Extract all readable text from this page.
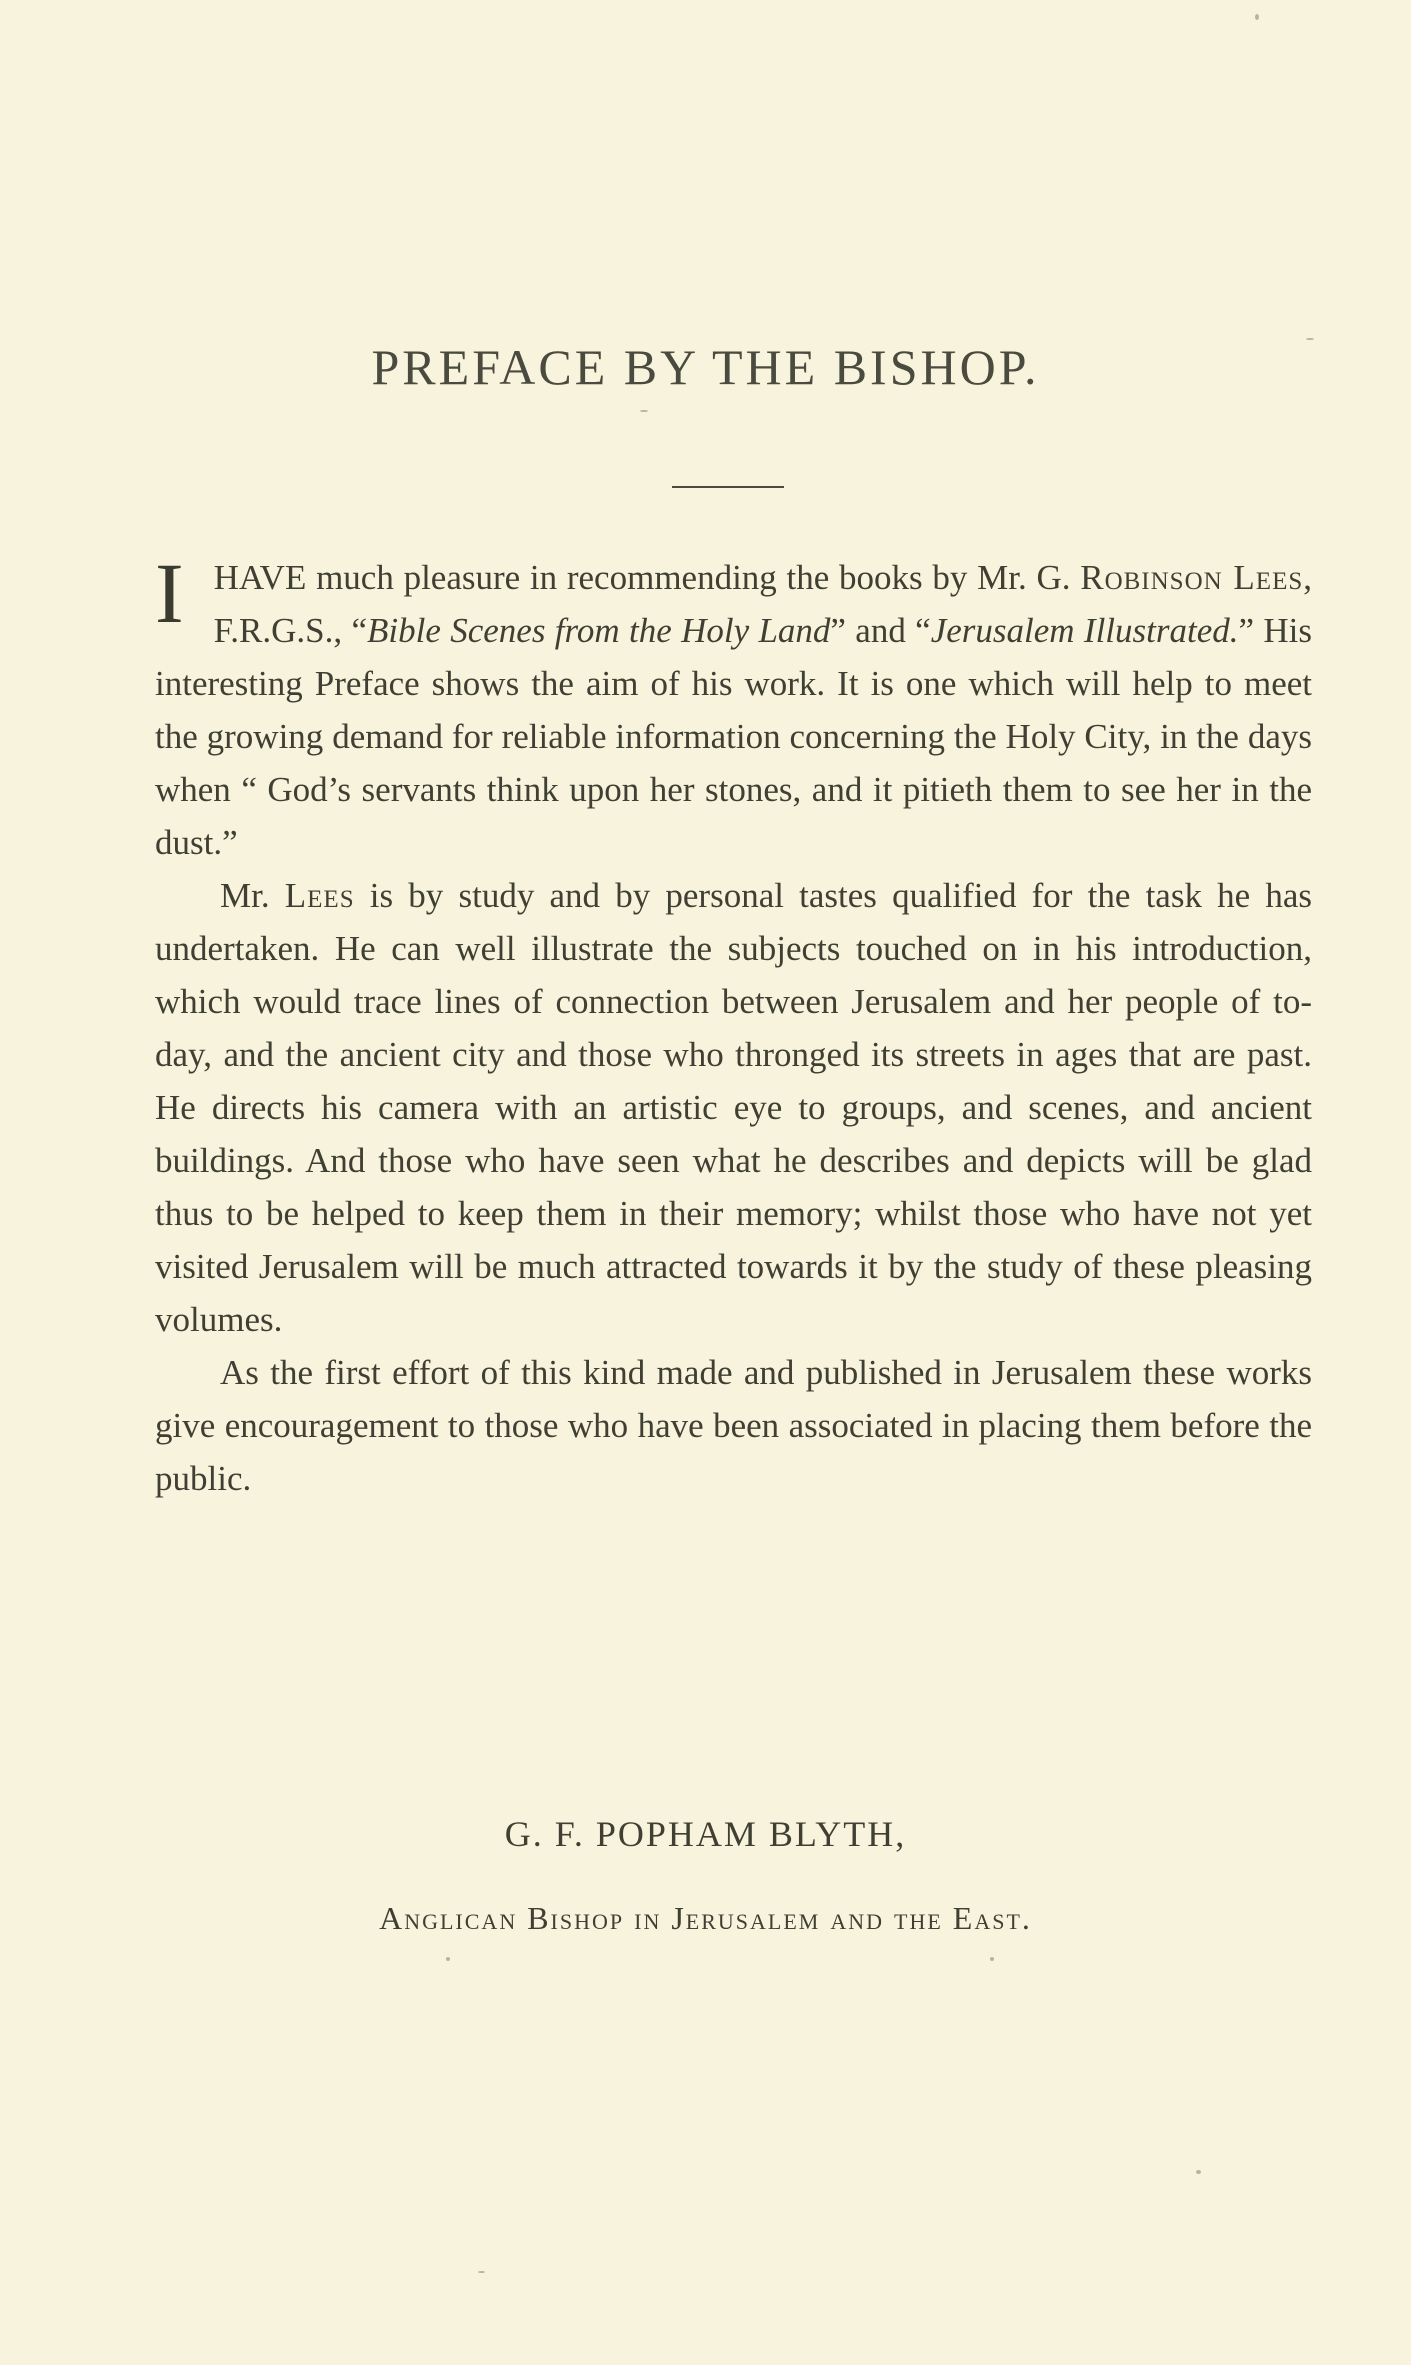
PREFACE BY THE BISHOP.

IHAVE much pleasure in recommending the books by Mr. G. Robinson Lees, F.R.G.S., “Bible Scenes from the Holy Land” and “Jerusalem Illustrated.” His interesting Preface shows the aim of his work. It is one which will help to meet the growing demand for reliable information concerning the Holy City, in the days when “ God’s servants think upon her stones, and it pitieth them to see her in the dust.”

Mr. Lees is by study and by personal tastes qualified for the task he has undertaken. He can well illustrate the subjects touched on in his introduction, which would trace lines of connection between Jerusalem and her people of to-day, and the ancient city and those who thronged its streets in ages that are past. He directs his camera with an artistic eye to groups, and scenes, and ancient buildings. And those who have seen what he describes and depicts will be glad thus to be helped to keep them in their memory; whilst those who have not yet visited Jerusalem will be much attracted towards it by the study of these pleasing volumes.

As the first effort of this kind made and published in Jerusalem these works give encouragement to those who have been associated in placing them before the public.

G. F. POPHAM BLYTH,
Anglican Bishop in Jerusalem and the East.
